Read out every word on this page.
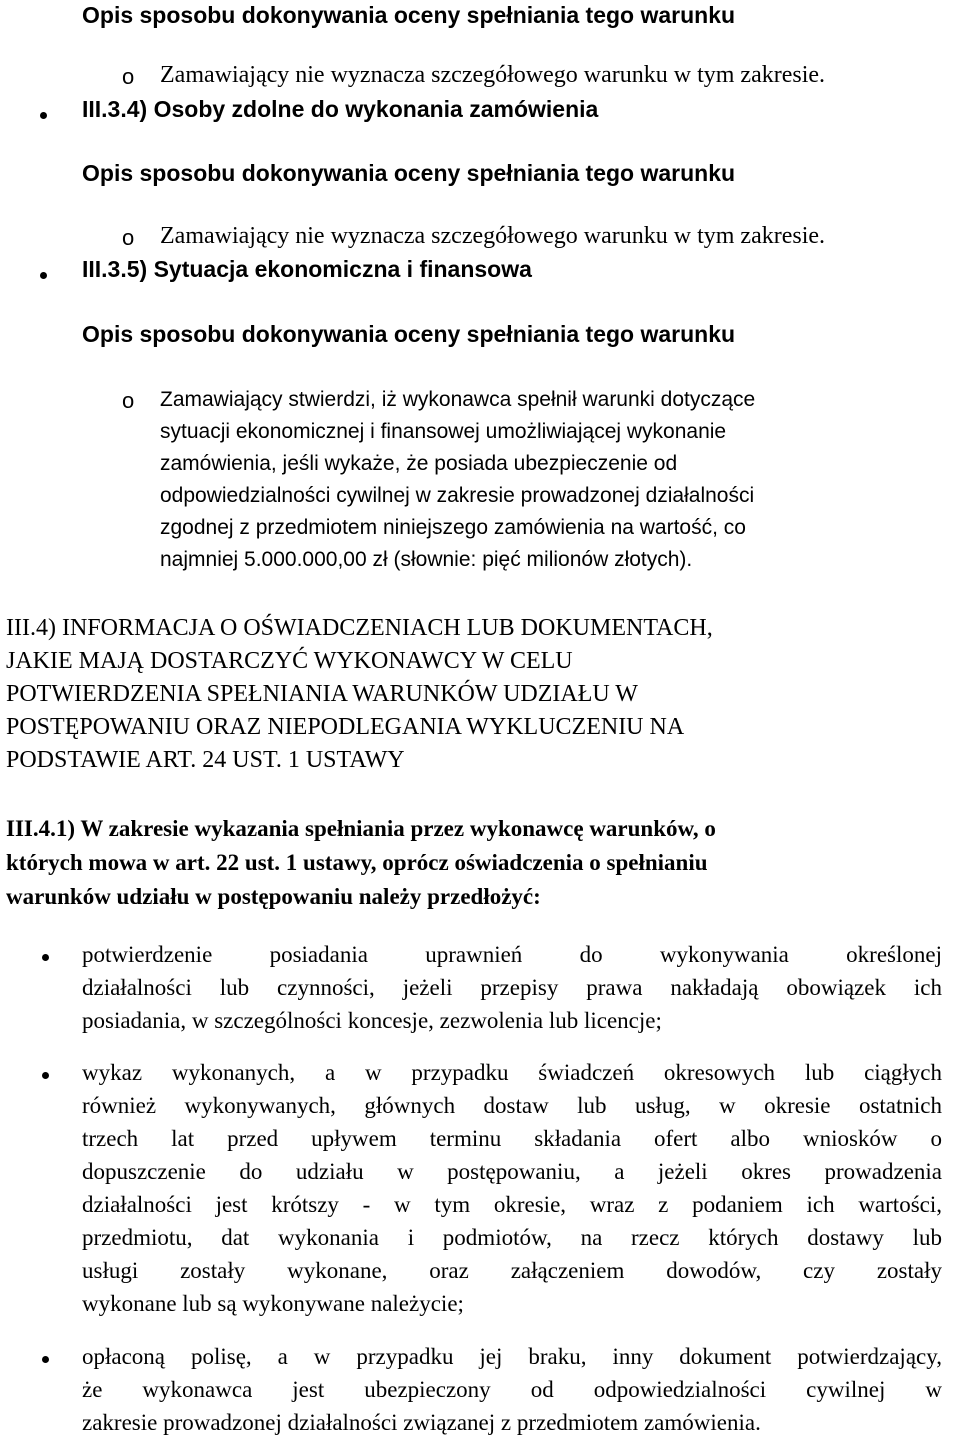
Opis sposobu dokonywania oceny spełniania tego warunku
o Zamawiający nie wyznacza szczegółowego warunku w tym zakresie.
III.3.4) Osoby zdolne do wykonania zamówienia
Opis sposobu dokonywania oceny spełniania tego warunku
o Zamawiający nie wyznacza szczegółowego warunku w tym zakresie.
III.3.5) Sytuacja ekonomiczna i finansowa
Opis sposobu dokonywania oceny spełniania tego warunku
o Zamawiający stwierdzi, iż wykonawca spełnił warunki dotyczące
sytuacji ekonomicznej i finansowej umożliwiającej wykonanie
zamówienia, jeśli wykaże, że posiada ubezpieczenie od
odpowiedzialności cywilnej w zakresie prowadzonej działalności
zgodnej z przedmiotem niniejszego zamówienia na wartość, co
najmniej 5.000.000,00 zł (słownie: pięć milionów złotych).
III.4) INFORMACJA O OŚWIADCZENIACH LUB DOKUMENTACH,
JAKIE MAJĄ DOSTARCZYĆ WYKONAWCY W CELU
POTWIERDZENIA SPEŁNIANIA WARUNKÓW UDZIAŁU W
POSTĘPOWANIU ORAZ NIEPODLEGANIA WYKLUCZENIU NA
PODSTAWIE ART. 24 UST. 1 USTAWY
III.4.1) W zakresie wykazania spełniania przez wykonawcę warunków, o
których mowa w art. 22 ust. 1 ustawy, oprócz oświadczenia o spełnianiu
warunków udziału w postępowaniu należy przedłożyć:
potwierdzenie posiadania uprawnień do wykonywania określonej
działalności lub czynności, jeżeli przepisy prawa nakładają obowiązek ich
posiadania, w szczególności koncesje, zezwolenia lub licencje;
wykaz wykonanych, a w przypadku świadczeń okresowych lub ciągłych
również wykonywanych, głównych dostaw lub usług, w okresie ostatnich
trzech lat przed upływem terminu składania ofert albo wniosków o
dopuszczenie do udziału w postępowaniu, a jeżeli okres prowadzenia
działalności jest krótszy - w tym okresie, wraz z podaniem ich wartości,
przedmiotu, dat wykonania i podmiotów, na rzecz których dostawy lub
usługi zostały wykonane, oraz załączeniem dowodów, czy zostały
wykonane lub są wykonywane należycie;
opłaconą polisę, a w przypadku jej braku, inny dokument potwierdzający,
że wykonawca jest ubezpieczony od odpowiedzialności cywilnej w
zakresie prowadzonej działalności związanej z przedmiotem zamówienia.
